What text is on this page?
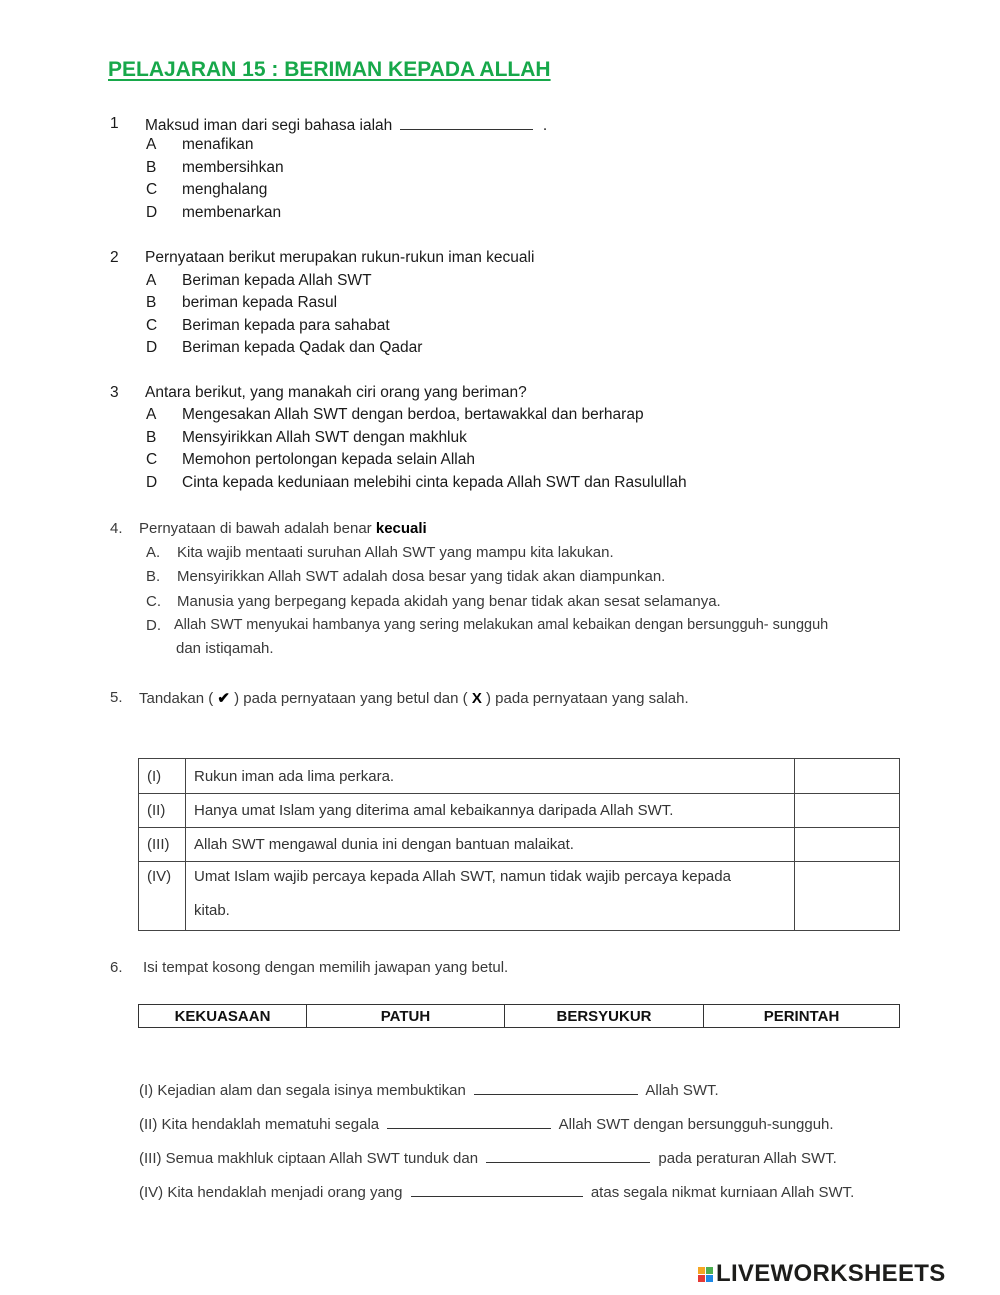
PELAJARAN 15 : BERIMAN KEPADA ALLAH
1 Maksud iman dari segi bahasa ialah	.
A menafikan
B membersihkan
C menghalang
D membenarkan
2 Pernyataan berikut merupakan rukun-rukun iman kecuali
A Beriman kepada Allah SWT
B beriman kepada Rasul
C Beriman kepada para sahabat
D Beriman kepada Qadak dan Qadar
3 Antara berikut, yang manakah ciri orang yang beriman?
A Mengesakan Allah SWT dengan berdoa, bertawakkal dan berharap
B Mensyirikkan Allah SWT dengan makhluk
C Memohon pertolongan kepada selain Allah
D Cinta kepada keduniaan melebihi cinta kepada Allah SWT dan Rasulullah
4. Pernyataan di bawah adalah benar kecuali
A. Kita wajib mentaati suruhan Allah SWT yang mampu kita lakukan.
B. Mensyirikkan Allah SWT adalah dosa besar yang tidak akan diampunkan.
C. Manusia yang berpegang kepada akidah yang benar tidak akan sesat selamanya.
D. Allah SWT menyukai hambanya yang sering melakukan amal kebaikan dengan bersungguh- sungguh
dan istiqamah.
5. Tandakan ( ✔ ) pada pernyataan yang betul dan ( X ) pada pernyataan yang salah.
(I)	Rukun iman ada lima perkara.	
(II)	Hanya umat Islam yang diterima amal kebaikannya daripada Allah SWT.	
(III)	Allah SWT mengawal dunia ini dengan bantuan malaikat.	
(IV)	Umat Islam wajib percaya kepada Allah SWT, namun tidak wajib percaya kepada
kitab.	

6. Isi tempat kosong dengan memilih jawapan yang betul.
KEKUASAAN	PATUH	BERSYUKUR	PERINTAH
(I) Kejadian alam dan segala isinya membuktikan	Allah SWT.
(II) Kita hendaklah mematuhi segala	Allah SWT dengan bersungguh-sungguh.
(III) Semua makhluk ciptaan Allah SWT tunduk dan	pada peraturan Allah SWT.
(IV) Kita hendaklah menjadi orang yang	atas segala nikmat kurniaan Allah SWT.
LIVEWORKSHEETS
